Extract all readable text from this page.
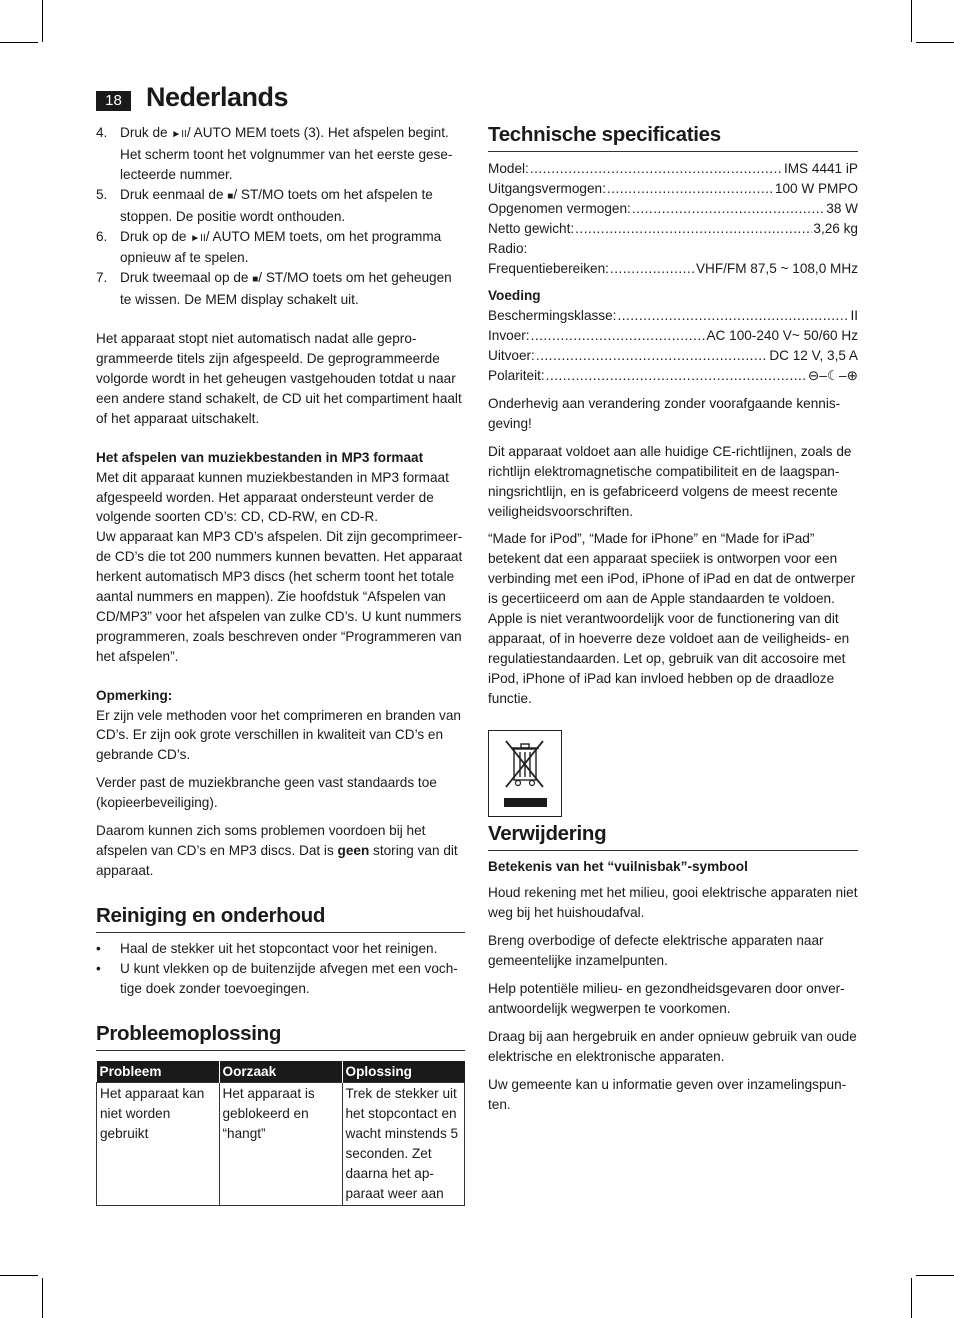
18 Nederlands
4. Druk de ►II/ AUTO MEM toets (3). Het afspelen begint. Het scherm toont het volgnummer van het eerste gese-lecteerde nummer.
5. Druk eenmaal de ■/ ST/MO toets om het afspelen te stoppen. De positie wordt onthouden.
6. Druk op de ►II/ AUTO MEM toets, om het programma opnieuw af te spelen.
7. Druk tweemaal op de ■/ ST/MO toets om het geheugen te wissen. De MEM display schakelt uit.

Het apparaat stopt niet automatisch nadat alle gepro-grammeerde titels zijn afgespeeld. De geprogrammeerde volgorde wordt in het geheugen vastgehouden totdat u naar een andere stand schakelt, de CD uit het compartiment haalt of het apparaat uitschakelt.

Het afspelen van muziekbestanden in MP3 formaat

Met dit apparaat kunnen muziekbestanden in MP3 formaat afgespeeld worden. Het apparaat ondersteunt verder de volgende soorten CD’s: CD, CD-RW, en CD-R.

Uw apparaat kan MP3 CD’s afspelen. Dit zijn gecomprimeer-de CD’s die tot 200 nummers kunnen bevatten. Het apparaat herkent automatisch MP3 discs (het scherm toont het totale aantal nummers en mappen). Zie hoofdstuk “Afspelen van CD/MP3” voor het afspelen van zulke CD’s. U kunt nummers programmeren, zoals beschreven onder “Programmeren van het afspelen”.

Opmerking:

Er zijn vele methoden voor het comprimeren en branden van CD’s. Er zijn ook grote verschillen in kwaliteit van CD’s en gebrande CD’s.

Verder past de muziekbranche geen vast standaards toe (kopieerbeveiliging).

Daarom kunnen zich soms problemen voordoen bij het afspelen van CD’s en MP3 discs. Dat is geen storing van dit apparaat.

Reiniging en onderhoud
• Haal de stekker uit het stopcontact voor het reinigen.
• U kunt vlekken op de buitenzijde afvegen met een voch-tige doek zonder toevoegingen.
Probleemoplossing
Probleem	Oorzaak	Oplossing
Het apparaat kan niet worden gebruikt	Het apparaat is geblokeerd en “hangt”	Trek de stekker uit het stopcontact en wacht minstends 5 seconden. Zet daarna het ap-paraat weer aan
Technische specificaties
Model: .....	IMS 4441 iP
Uitgangsvermogen: .....	100 W PMPO
Opgenomen vermogen: .....	38 W
Netto gewicht: .....	3,26 kg

Radio:

Frequentiebereiken: .....	VHF/FM 87,5 ~ 108,0 MHz

Voeding

Beschermingsklasse: .....	II
Invoer: .....	AC 100-240 V~ 50/60 Hz
Uitvoer: .....	DC 12 V, 3,5 A
Polariteit: .....	⊖–☾–⊕

Onderhevig aan verandering zonder voorafgaande kennis-geving!

Dit apparaat voldoet aan alle huidige CE-richtlijnen, zoals de richtlijn elektromagnetische compatibiliteit en de laagspan-ningsrichtlijn, en is gefabriceerd volgens de meest recente veiligheidsvoorschriften.

“Made for iPod”, “Made for iPhone” en “Made for iPad” betekent dat een apparaat speciiek is ontworpen voor een verbinding met een iPod, iPhone of iPad en dat de ontwerper is gecertiiceerd om aan de Apple standaarden te voldoen. Apple is niet verantwoordelijk voor de functionering van dit apparaat, of in hoeverre deze voldoet aan de veiligheids- en regulatiestandaarden. Let op, gebruik van dit accosoire met iPod, iPhone of iPad kan invloed hebben op de draadloze functie.

Verwijdering

Betekenis van het “vuilnisbak”-symbool

Houd rekening met het milieu, gooi elektrische apparaten niet weg bij het huishoudafval.

Breng overbodige of defecte elektrische apparaten naar gemeentelijke inzamelpunten.

Help potentiële milieu- en gezondheidsgevaren door onver-antwoordelijk wegwerpen te voorkomen.

Draag bij aan hergebruik en ander opnieuw gebruik van oude elektrische en elektronische apparaten.

Uw gemeente kan u informatie geven over inzamelingspun-ten.
